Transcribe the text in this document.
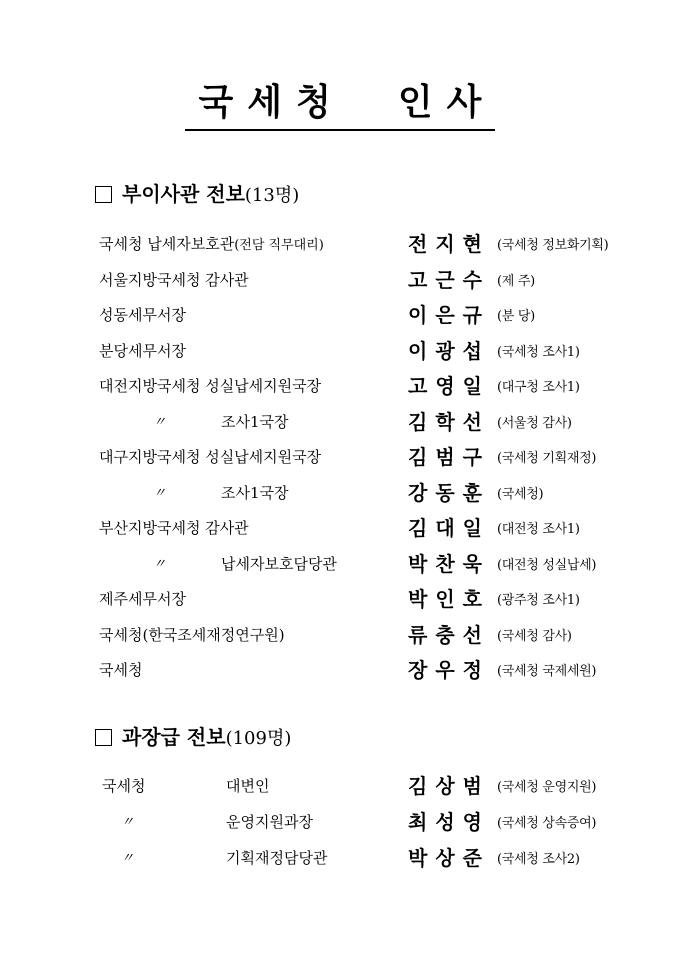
국세청  인사
부이사관 전보(13명)
국세청 납세자보호관(전담 직무대리)	전지현 (국세청 정보화기획)
서울지방국세청 감사관	고근수 (제 주)
성동세무서장	이은규 (분 당)
분당세무서장	이광섭 (국세청 조사1)
대전지방국세청 성실납세지원국장	고영일 (대구청 조사1)
〃	조사1국장	김학선 (서울청 감사)
대구지방국세청 성실납세지원국장	김범구 (국세청 기획재정)
〃	조사1국장	강동훈 (국세청)
부산지방국세청 감사관	김대일 (대전청 조사1)
〃	납세자보호담당관	박찬욱 (대전청 성실납세)
제주세무서장	박인호 (광주청 조사1)
국세청(한국조세재정연구원)	류충선 (국세청 감사)
국세청	장우정 (국세청 국제세원)
과장급 전보(109명)
국세청	대변인	김상범 (국세청 운영지원)
〃	운영지원과장	최성영 (국세청 상속증여)
〃	기획재정담당관	박상준 (국세청 조사2)
